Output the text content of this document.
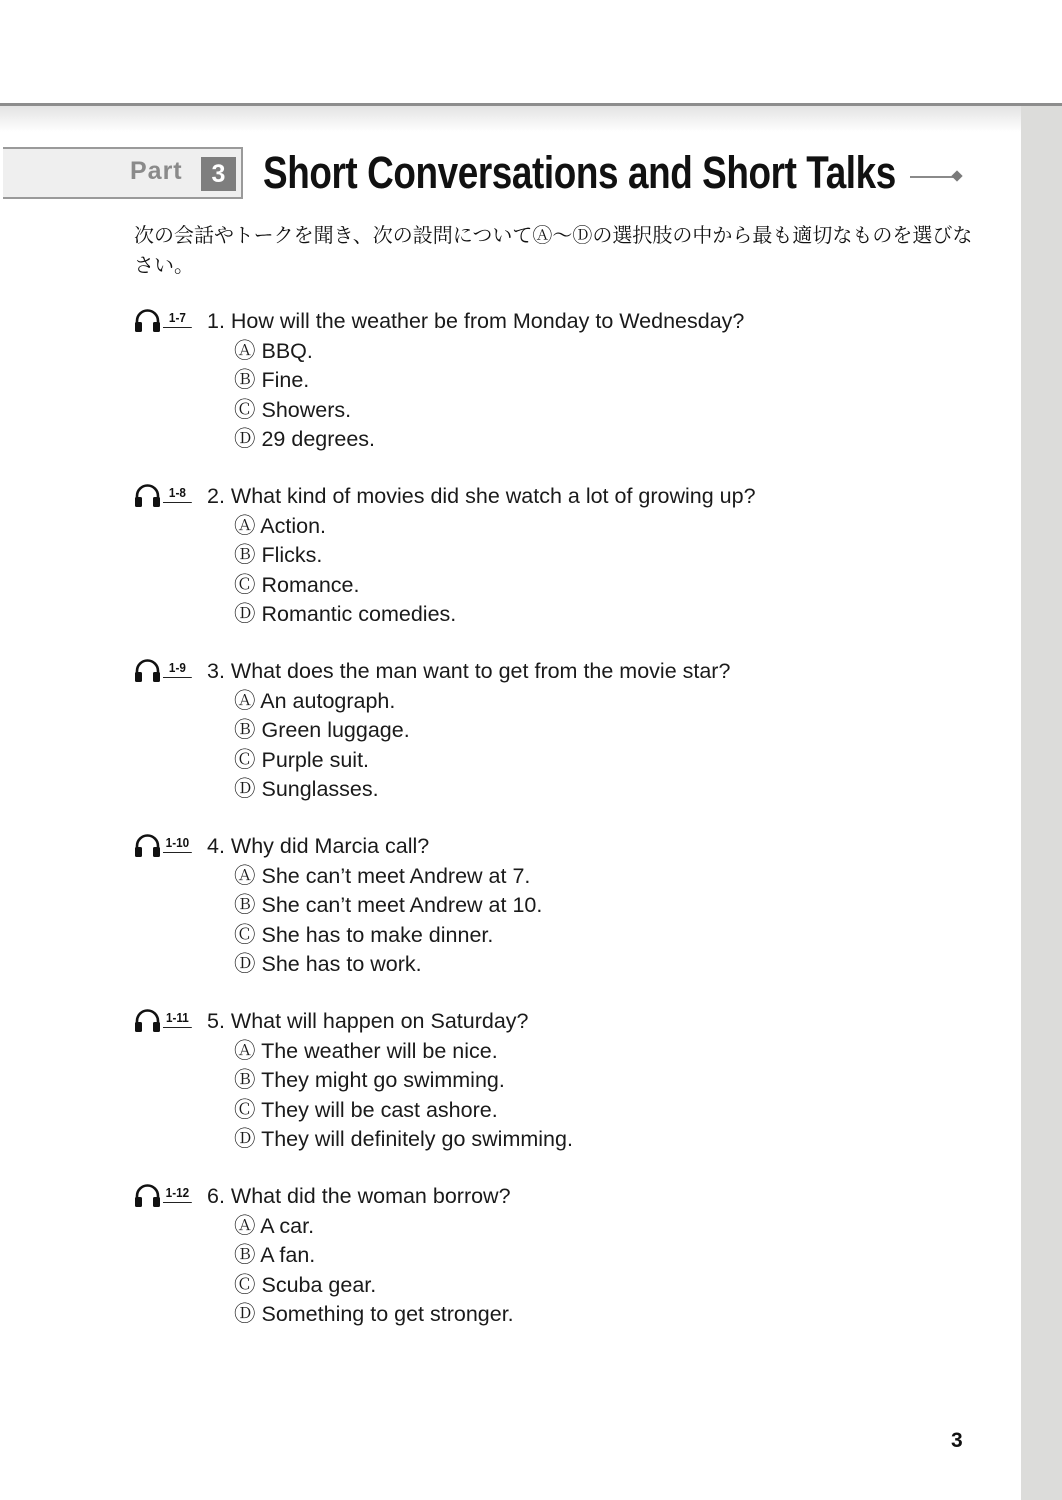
Part	3 Short Conversations and Short Talks
次の会話やトークを聞き、次の設問についてⒶ～Ⓓの選択肢の中から最も適切なものを選びなさい。
1-7 1. How will the weather be from Monday to Wednesday?
Ⓐ BBQ.
Ⓑ Fine.
Ⓒ Showers.
Ⓓ 29 degrees.
1-8 2. What kind of movies did she watch a lot of growing up?
Ⓐ Action.
Ⓑ Flicks.
Ⓒ Romance.
Ⓓ Romantic comedies.
1-9 3. What does the man want to get from the movie star?
Ⓐ An autograph.
Ⓑ Green luggage.
Ⓒ Purple suit.
Ⓓ Sunglasses.
1-10 4. Why did Marcia call?
Ⓐ She can’t meet Andrew at 7.
Ⓑ She can’t meet Andrew at 10.
Ⓒ She has to make dinner.
Ⓓ She has to work.
1-11 5. What will happen on Saturday?
Ⓐ The weather will be nice.
Ⓑ They might go swimming.
Ⓒ They will be cast ashore.
Ⓓ They will definitely go swimming.
1-12 6. What did the woman borrow?
Ⓐ A car.
Ⓑ A fan.
Ⓒ Scuba gear.
Ⓓ Something to get stronger.
3
